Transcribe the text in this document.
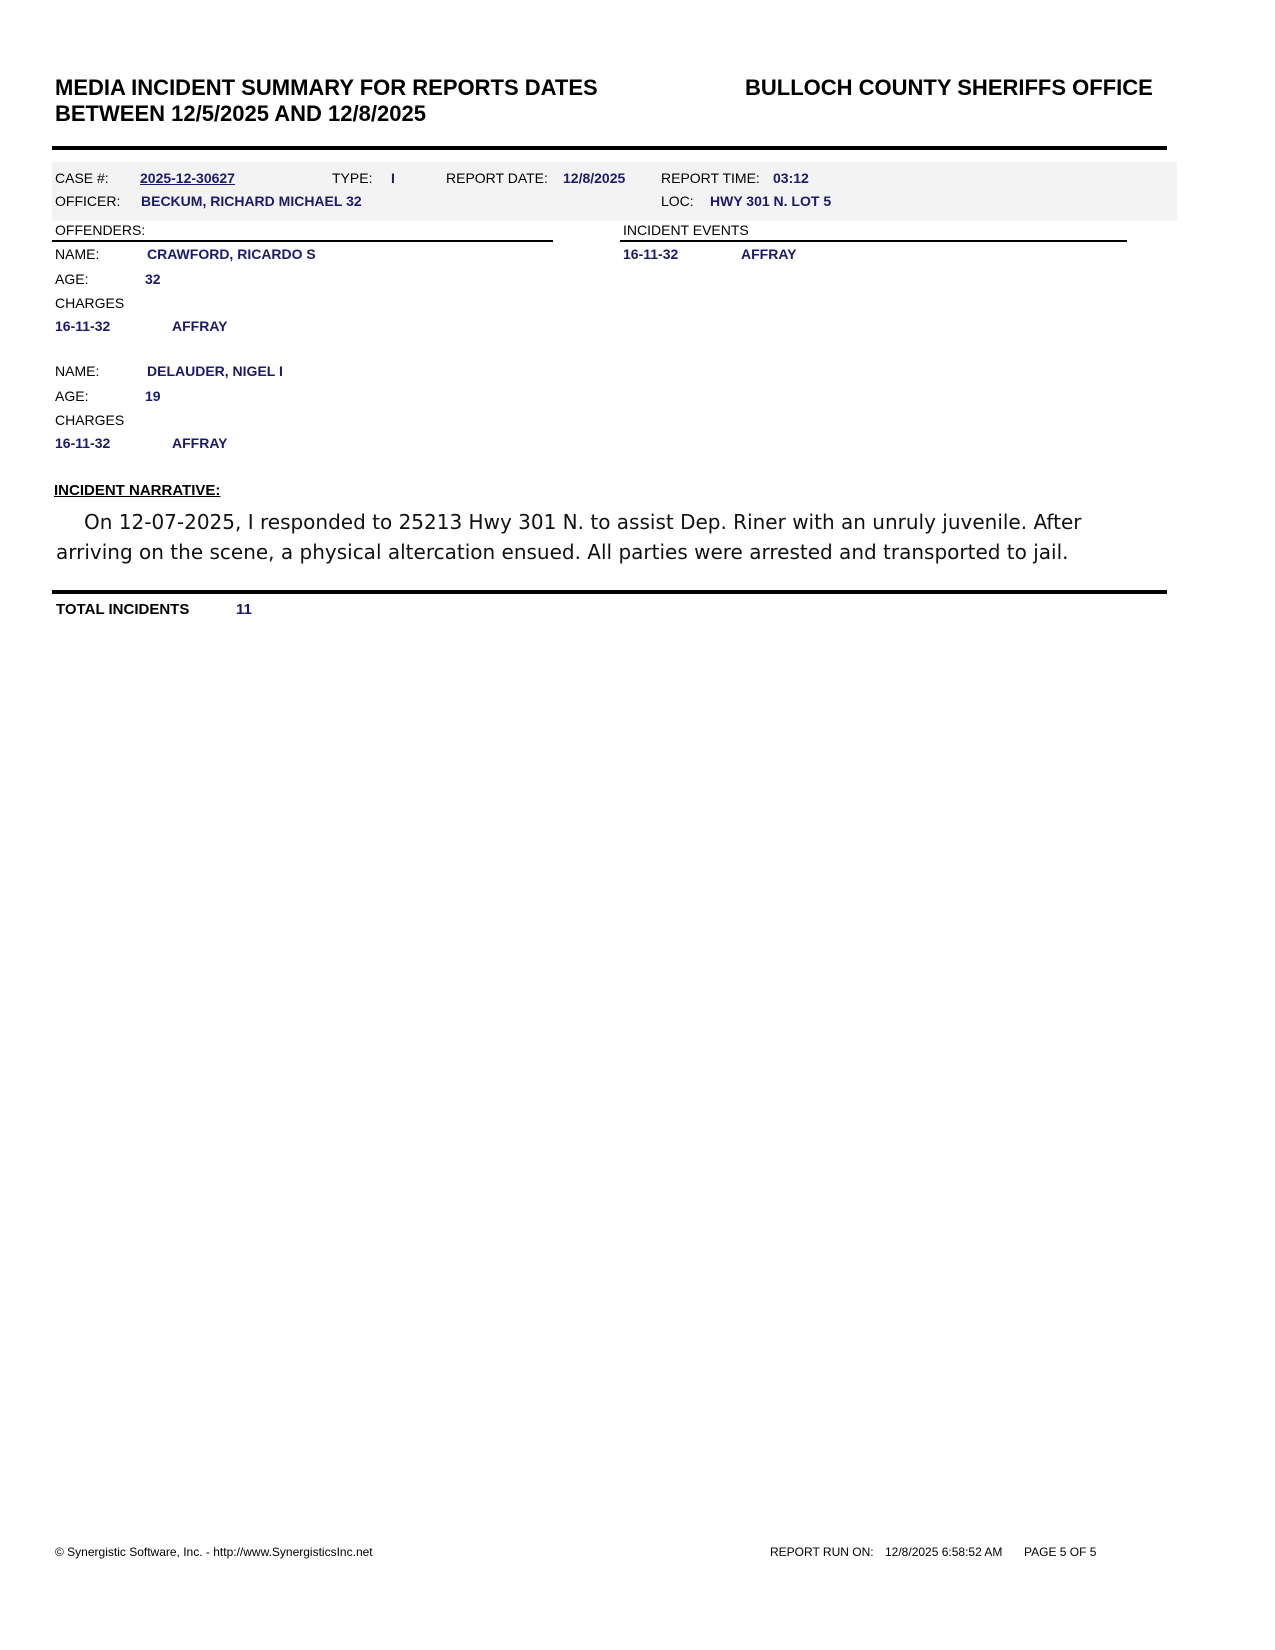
MEDIA INCIDENT SUMMARY FOR REPORTS DATES
BETWEEN 12/5/2025 AND 12/8/2025
BULLOCH COUNTY SHERIFFS OFFICE
CASE #: 2025-12-30627	TYPE: I	REPORT DATE: 12/8/2025	REPORT TIME: 03:12
OFFICER: BECKUM, RICHARD MICHAEL 32	LOC: HWY 301 N. LOT 5
OFFENDERS:
NAME:	CRAWFORD, RICARDO S
AGE:	32
CHARGES
16-11-32	AFFRAY
NAME:	DELAUDER, NIGEL I
AGE:	19
CHARGES
16-11-32	AFFRAY
INCIDENT EVENTS
16-11-32	AFFRAY
INCIDENT NARRATIVE:
On 12-07-2025, I responded to 25213 Hwy 301 N. to assist Dep. Riner with an unruly juvenile. After
arriving on the scene, a physical altercation ensued. All parties were arrested and transported to jail.
TOTAL INCIDENTS	11
© Synergistic Software, Inc. - http://www.SynergisticsInc.net	REPORT RUN ON: 12/8/2025 6:58:52 AM PAGE 5 OF 5
